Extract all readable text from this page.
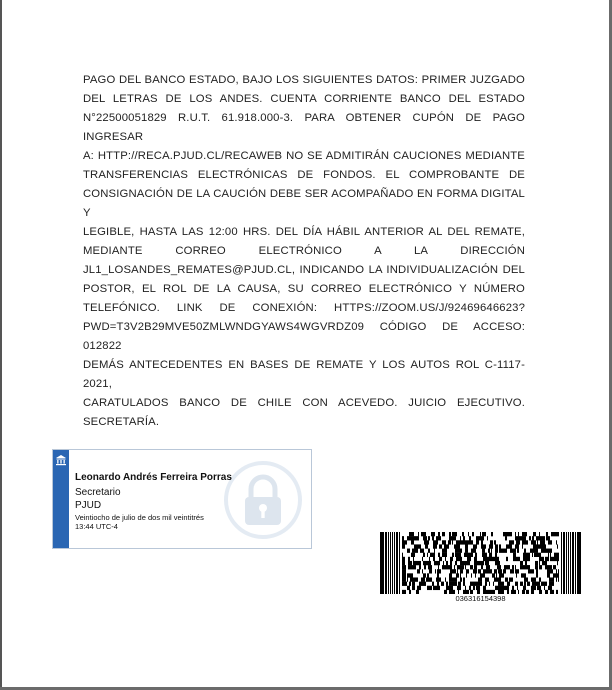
PAGO DEL BANCO ESTADO, BAJO LOS SIGUIENTES DATOS: PRIMER JUZGADO
DEL LETRAS DE LOS ANDES. CUENTA CORRIENTE BANCO DEL ESTADO
N°22500051829 R.U.T. 61.918.000-3. PARA OBTENER CUPÓN DE PAGO INGRESAR
A: HTTP://RECA.PJUD.CL/RECAWEB NO SE ADMITIRÁN CAUCIONES MEDIANTE
TRANSFERENCIAS ELECTRÓNICAS DE FONDOS. EL COMPROBANTE DE
CONSIGNACIÓN DE LA CAUCIÓN DEBE SER ACOMPAÑADO EN FORMA DIGITAL Y
LEGIBLE, HASTA LAS 12:00 HRS. DEL DÍA HÁBIL ANTERIOR AL DEL REMATE,
MEDIANTE CORREO ELECTRÓNICO A LA DIRECCIÓN
JL1_LOSANDES_REMATES@PJUD.CL, INDICANDO LA INDIVIDUALIZACIÓN DEL
POSTOR, EL ROL DE LA CAUSA, SU CORREO ELECTRÓNICO Y NÚMERO
TELEFÓNICO. LINK DE CONEXIÓN: HTTPS://ZOOM.US/J/92469646623?
PWD=T3V2B29MVE50ZMLWNDGYAWS4WGVRDZ09 CÓDIGO DE ACCESO: 012822
DEMÁS ANTECEDENTES EN BASES DE REMATE Y LOS AUTOS ROL C-1117-2021,
CARATULADOS BANCO DE CHILE CON ACEVEDO. JUICIO EJECUTIVO.
SECRETARÍA.
Leonardo Andrés Ferreira Porras
Secretario
PJUD
Veintiocho de julio de dos mil veintitrés
13:44 UTC-4
036316154398
